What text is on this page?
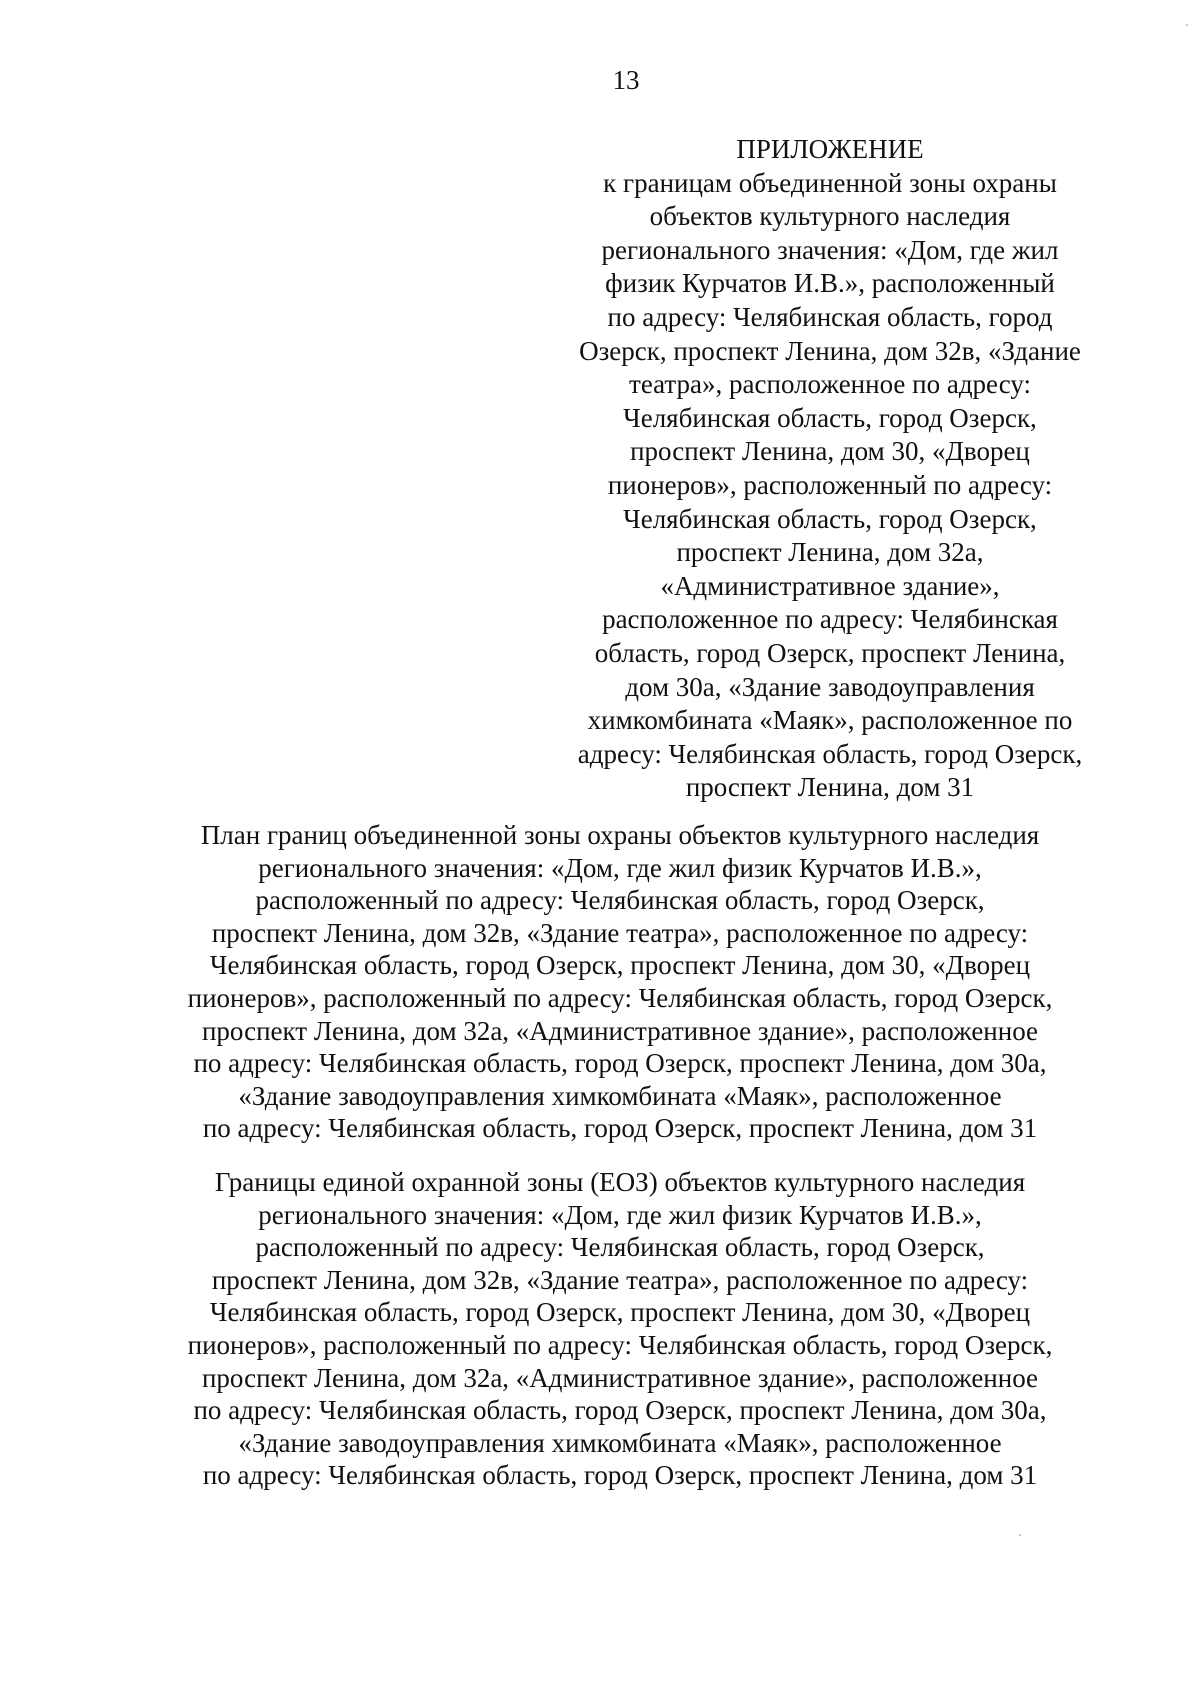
13
ПРИЛОЖЕНИЕ
к границам объединенной зоны охраны
объектов культурного наследия
регионального значения: «Дом, где жил
физик Курчатов И.В.», расположенный
по адресу: Челябинская область, город
Озерск, проспект Ленина, дом 32в, «Здание
театра», расположенное по адресу:
Челябинская область, город Озерск,
проспект Ленина, дом 30, «Дворец
пионеров», расположенный по адресу:
Челябинская область, город Озерск,
проспект Ленина, дом 32а,
«Административное здание»,
расположенное по адресу: Челябинская
область, город Озерск, проспект Ленина,
дом 30а, «Здание заводоуправления
химкомбината «Маяк», расположенное по
адресу: Челябинская область, город Озерск,
проспект Ленина, дом 31
План границ объединенной зоны охраны объектов культурного наследия
регионального значения: «Дом, где жил физик Курчатов И.В.»,
расположенный по адресу: Челябинская область, город Озерск,
проспект Ленина, дом 32в, «Здание театра», расположенное по адресу:
Челябинская область, город Озерск, проспект Ленина, дом 30, «Дворец
пионеров», расположенный по адресу: Челябинская область, город Озерск,
проспект Ленина, дом 32а, «Административное здание», расположенное
по адресу: Челябинская область, город Озерск, проспект Ленина, дом 30а,
«Здание заводоуправления химкомбината «Маяк», расположенное
по адресу: Челябинская область, город Озерск, проспект Ленина, дом 31
Границы единой охранной зоны (ЕОЗ) объектов культурного наследия
регионального значения: «Дом, где жил физик Курчатов И.В.»,
расположенный по адресу: Челябинская область, город Озерск,
проспект Ленина, дом 32в, «Здание театра», расположенное по адресу:
Челябинская область, город Озерск, проспект Ленина, дом 30, «Дворец
пионеров», расположенный по адресу: Челябинская область, город Озерск,
проспект Ленина, дом 32а, «Административное здание», расположенное
по адресу: Челябинская область, город Озерск, проспект Ленина, дом 30а,
«Здание заводоуправления химкомбината «Маяк», расположенное
по адресу: Челябинская область, город Озерск, проспект Ленина, дом 31
